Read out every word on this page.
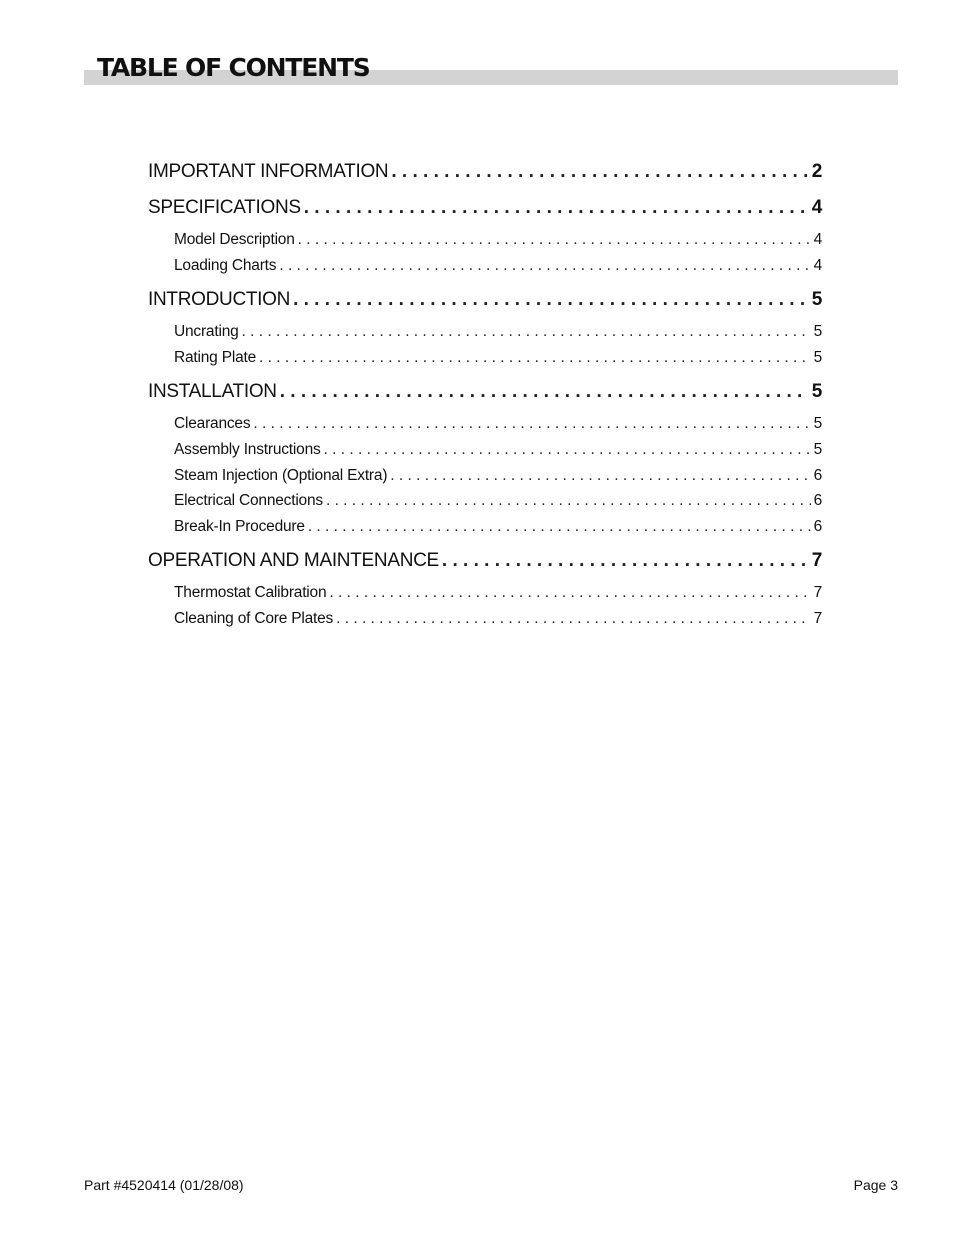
TABLE OF CONTENTS
IMPORTANT INFORMATION . . .	2
SPECIFICATIONS . . .	4
Model Description . . .	4
Loading Charts . . .	4
INTRODUCTION . . .	5
Uncrating . . .	5
Rating Plate . . .	5
INSTALLATION . . .	5
Clearances . . .	5
Assembly Instructions . . .	5
Steam Injection (Optional Extra) . . .	6
Electrical Connections . . .	6
Break-In Procedure . . .	6
OPERATION AND MAINTENANCE . . .	7
Thermostat Calibration . . .	7
Cleaning of Core Plates . . .	7
Part #4520414 (01/28/08)	Page 3
